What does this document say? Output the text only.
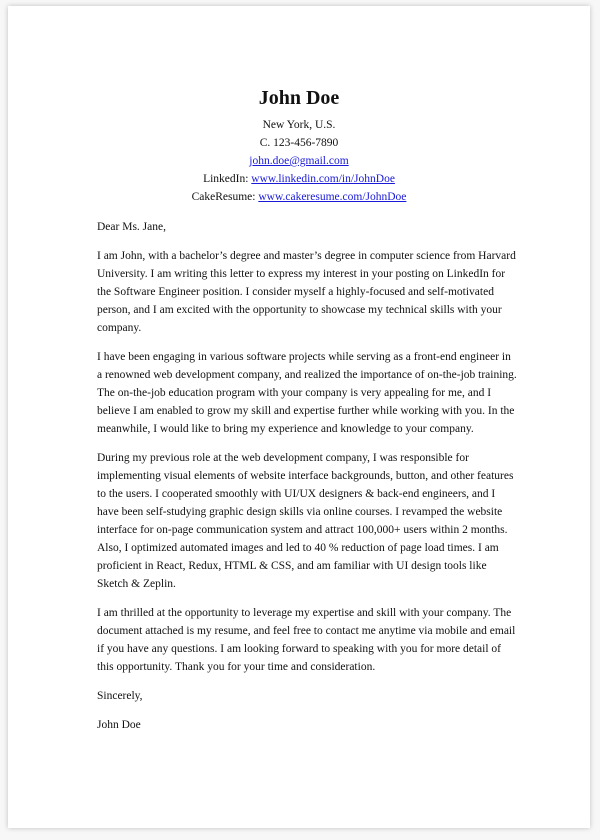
John Doe
New York, U.S.
C. 123-456-7890
john.doe@gmail.com
LinkedIn: www.linkedin.com/in/JohnDoe
CakeResume: www.cakeresume.com/JohnDoe

Dear Ms. Jane,

I am John, with a bachelor’s degree and master’s degree in computer science from Harvard University. I am writing this letter to express my interest in your posting on LinkedIn for the Software Engineer position. I consider myself a highly-focused and self-motivated person, and I am excited with the opportunity to showcase my technical skills with your company.

I have been engaging in various software projects while serving as a front-end engineer in a renowned web development company, and realized the importance of on-the-job training. The on-the-job education program with your company is very appealing for me, and I believe I am enabled to grow my skill and expertise further while working with you. In the meanwhile, I would like to bring my experience and knowledge to your company.

During my previous role at the web development company, I was responsible for implementing visual elements of website interface backgrounds, button, and other features to the users. I cooperated smoothly with UI/UX designers & back-end engineers, and I have been self-studying graphic design skills via online courses. I revamped the website interface for on-page communication system and attract 100,000+ users within 2 months. Also, I optimized automated images and led to 40 % reduction of page load times. I am proficient in React, Redux, HTML & CSS, and am familiar with UI design tools like Sketch & Zeplin.

I am thrilled at the opportunity to leverage my expertise and skill with your company. The document attached is my resume, and feel free to contact me anytime via mobile and email if you have any questions. I am looking forward to speaking with you for more detail of this opportunity. Thank you for your time and consideration.

Sincerely,

John Doe
